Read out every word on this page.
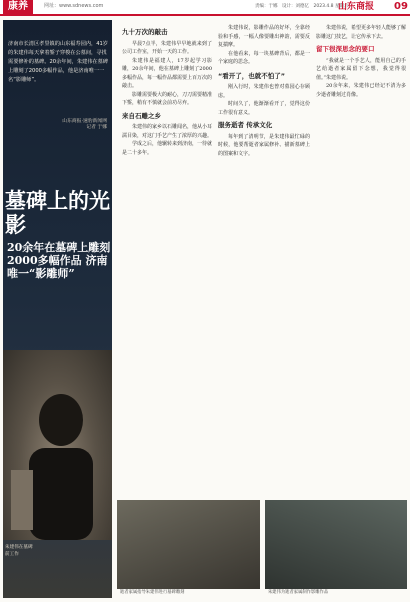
康养	网址：www.sdnews.com	责编：于娜　设计：刘德亿　2023.4.8 星期六
山东商报 09
济南市长清区孝里镇的山东福寿园内，41岁的朱建伟每天拿着錾子穿梭在公墓间，寻找需要修补的墓碑。20余年间，朱建伟在墓碑上雕刻了2000多幅作品，他是济南唯一一名“影雕师”。
山东商报·速豹新闻网
记者 于娜
墓碑上的光影
20余年在墓碑上雕刻2000多幅作品 济南唯一“影雕师”
朱建伟在墓碑前工作
九十万次的敲击

早晨7点半，朱建伟早早地就来到了公司工作室，开始一天的工作。

朱建伟是福建人，17岁起学习影雕，20余年间，他在墓碑上雕刻了2000多幅作品，每一幅作品都需要上百万次的敲击。

影雕需要极大的耐心，刀刀需要精准下錾，稍有不慎就会前功尽弃。

来自石雕之乡

朱建伟的家乡以石雕闻名，他从小耳濡目染，对这门手艺产生了浓厚的兴趣。

学成之后，他辗转来到济南，一待就是二十多年。

朱建伟说，影雕作品的好坏，全靠经验和手感，一幅人像要雕出神韵，需要反复揣摩。

在他看来，每一块墓碑背后，都是一个家庭的思念。

“看开了，也就不怕了”

刚入行时，朱建伟也曾对墓园心存顾虑。

时间久了，他渐渐看开了，觉得这份工作很有意义。

服务逝者 传承文化

每年到了清明节，是朱建伟最忙碌的时候，他要帮逝者家属修补、描新墓碑上的图案和文字。

朱建伟说，希望更多年轻人能够了解影雕这门技艺，让它传承下去。

留下很深思念的要口

“我就是一个手艺人，能用自己的手艺给逝者家属留下念想，我觉得很值。”朱建伟说。

20余年来，朱建伟已经记不清为多少逝者雕刻过肖像。

逝者家属指导朱建伟进行墓碑雕刻	朱建伟为逝者家属制作影雕作品
